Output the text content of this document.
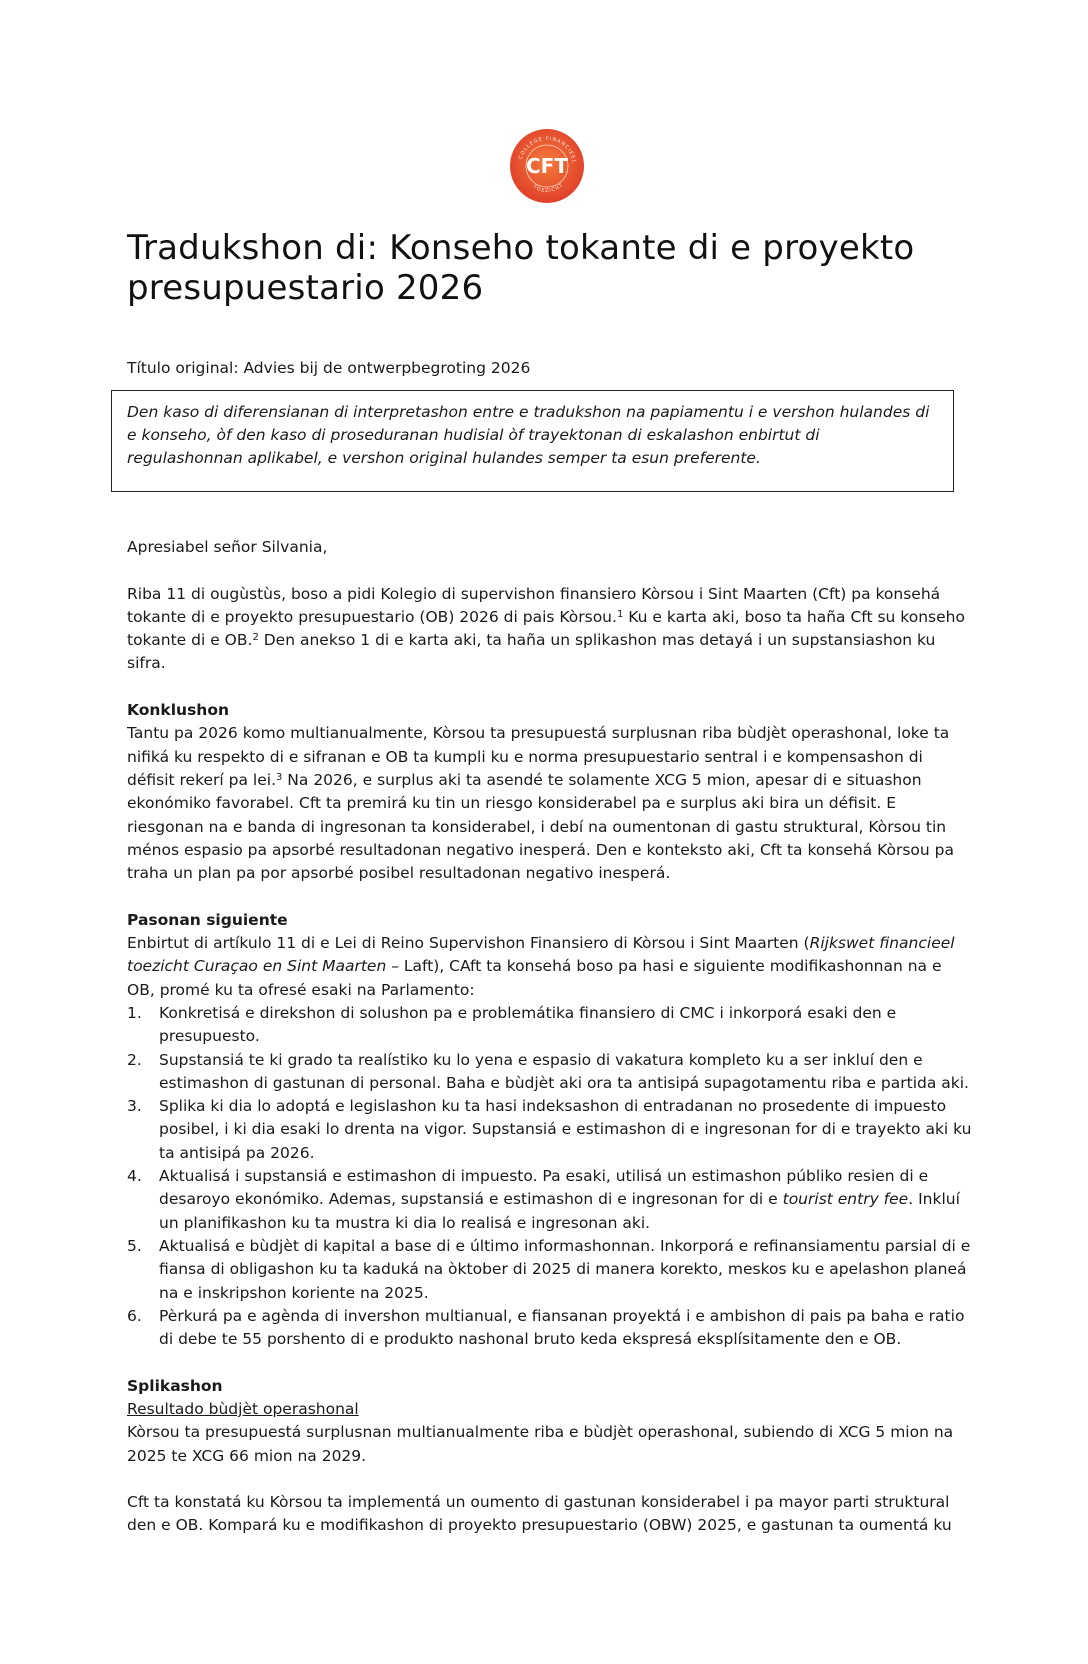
COLLEGE FINANCIEEL
TOEZICHT
CFT
Tradukshon di: Konseho tokante di e proyekto presupuestario 2026
Título original: Advies bij de ontwerpbegroting 2026
Den kaso di diferensianan di interpretashon entre e tradukshon na papiamentu i e vershon hulandes di e konseho, òf den kaso di proseduranan hudisial òf trayektonan di eskalashon enbirtut di regulashonnan aplikabel, e vershon original hulandes semper ta esun preferente.

Apresiabel señor Silvania,

Riba 11 di ougùstùs, boso a pidi Kolegio di supervishon finansiero Kòrsou i Sint Maarten (Cft) pa konsehá tokante di e proyekto presupuestario (OB) 2026 di pais Kòrsou.$^1$ Ku e karta aki, boso ta haña Cft su konseho tokante di e OB.$^2$ Den anekso 1 di e karta aki, ta haña un splikashon mas detayá i un supstansiashon ku sifra.

Konklushon

Tantu pa 2026 komo multianualmente, Kòrsou ta presupuestá surplusnan riba bùdjèt operashonal, loke ta nifiká ku respekto di e sifranan e OB ta kumpli ku e norma presupuestario sentral i e kompensashon di défisit rekerí pa lei.$^3$ Na 2026, e surplus aki ta asendé te solamente XCG 5 mion, apesar di e situashon ekonómiko favorabel. Cft ta premirá ku tin un riesgo konsiderabel pa e surplus aki bira un défisit. E riesgonan na e banda di ingresonan ta konsiderabel, i debí na oumentonan di gastu struktural, Kòrsou tin ménos espasio pa apsorbé resultadonan negativo inesperá. Den e konteksto aki, Cft ta konsehá Kòrsou pa traha un plan pa por apsorbé posibel resultadonan negativo inesperá.

Pasonan siguiente

Enbirtut di artíkulo 11 di e Lei di Reino Supervishon Finansiero di Kòrsou i Sint Maarten (Rijkswet financieel toezicht Curaçao en Sint Maarten – Laft), CAft ta konsehá boso pa hasi e siguiente modifikashonnan na e OB, promé ku ta ofresé esaki na Parlamento:

1. Konkretisá e direkshon di solushon pa e problemátika finansiero di CMC i inkorporá esaki den e presupuesto.
2. Supstansiá te ki grado ta realístiko ku lo yena e espasio di vakatura kompleto ku a ser inkluí den e estimashon di gastunan di personal. Baha e bùdjèt aki ora ta antisipá supagotamentu riba e partida aki.
3. Splika ki dia lo adoptá e legislashon ku ta hasi indeksashon di entradanan no prosedente di impuesto posibel, i ki dia esaki lo drenta na vigor. Supstansiá e estimashon di e ingresonan for di e trayekto aki ku ta antisipá pa 2026.
4. Aktualisá i supstansiá e estimashon di impuesto. Pa esaki, utilisá un estimashon públiko resien di e desaroyo ekonómiko. Ademas, supstansiá e estimashon di e ingresonan for di e tourist entry fee. Inkluí un planifikashon ku ta mustra ki dia lo realisá e ingresonan aki.
5. Aktualisá e bùdjèt di kapital a base di e último informashonnan. Inkorporá e refinansiamentu parsial di e fiansa di obligashon ku ta kaduká na òktober di 2025 di manera korekto, meskos ku e apelashon planeá na e inskripshon koriente na 2025.
6. Pèrkurá pa e agènda di invershon multianual, e fiansanan proyektá i e ambishon di pais pa baha e ratio di debe te 55 porshento di e produkto nashonal bruto keda ekspresá eksplísitamente den e OB.
Splikashon
Resultado bùdjèt operashonal

Kòrsou ta presupuestá surplusnan multianualmente riba e bùdjèt operashonal, subiendo di XCG 5 mion na 2025 te XCG 66 mion na 2029.

Cft ta konstatá ku Kòrsou ta implementá un oumento di gastunan konsiderabel i pa mayor parti struktural den e OB. Kompará ku e modifikashon di proyekto presupuestario (OBW) 2025, e gastunan ta oumentá ku
